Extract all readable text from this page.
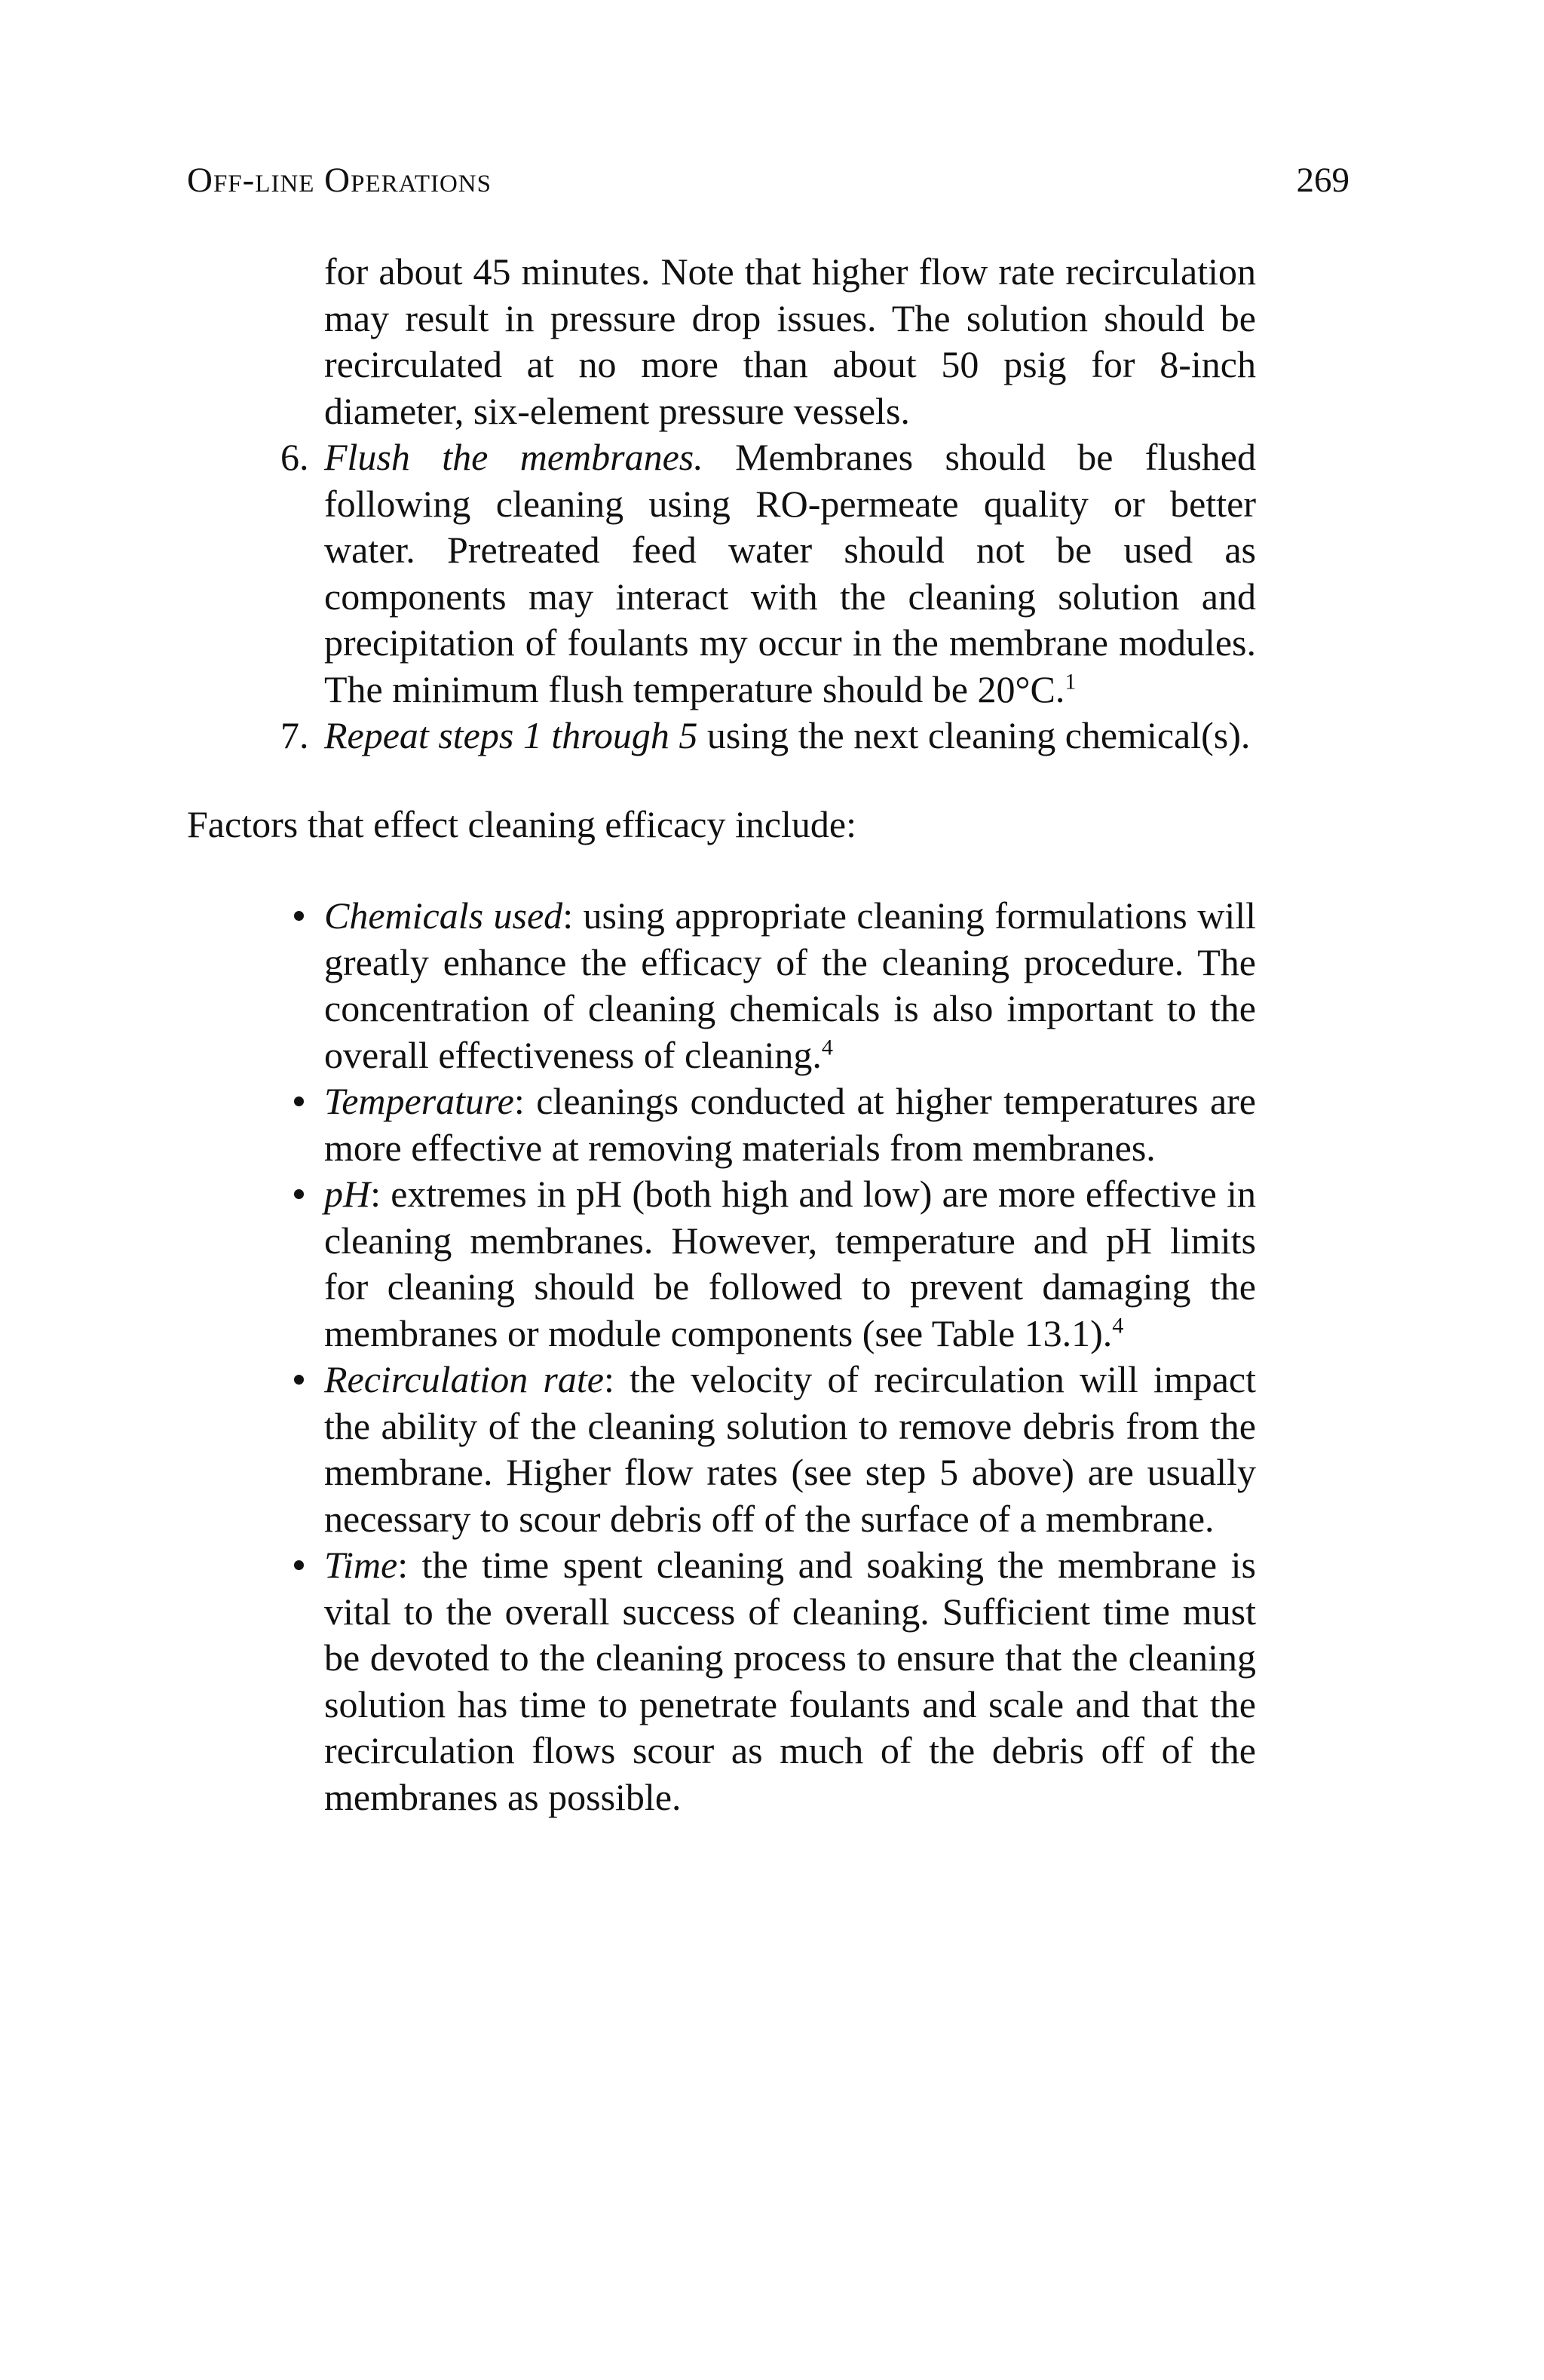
Off-line Operations	269

for about 45 minutes. Note that higher flow rate recirculation may result in pressure drop issues. The solution should be recirculated at no more than about 50 psig for 8-inch diameter, six-element pressure vessels.

6. Flush the membranes. Membranes should be flushed following cleaning using RO-permeate quality or better water. Pretreated feed water should not be used as components may interact with the cleaning solution and precipitation of foulants my occur in the membrane modules. The minimum flush temperature should be 20°C.$^1$

7. Repeat steps 1 through 5 using the next cleaning chemical(s).

Factors that effect cleaning efficacy include:

Chemicals used: using appropriate cleaning formulations will greatly enhance the efficacy of the cleaning procedure. The concentration of cleaning chemicals is also important to the overall effectiveness of cleaning.$^4$
Temperature: cleanings conducted at higher temperatures are more effective at removing materials from membranes.
pH: extremes in pH (both high and low) are more effective in cleaning membranes. However, temperature and pH limits for cleaning should be followed to prevent damaging the membranes or module components (see Table 13.1).$^4$
Recirculation rate: the velocity of recirculation will impact the ability of the cleaning solution to remove debris from the membrane. Higher flow rates (see step 5 above) are usually necessary to scour debris off of the surface of a membrane.
Time: the time spent cleaning and soaking the membrane is vital to the overall success of cleaning. Sufficient time must be devoted to the cleaning process to ensure that the cleaning solution has time to penetrate foulants and scale and that the recirculation flows scour as much of the debris off of the membranes as possible.
